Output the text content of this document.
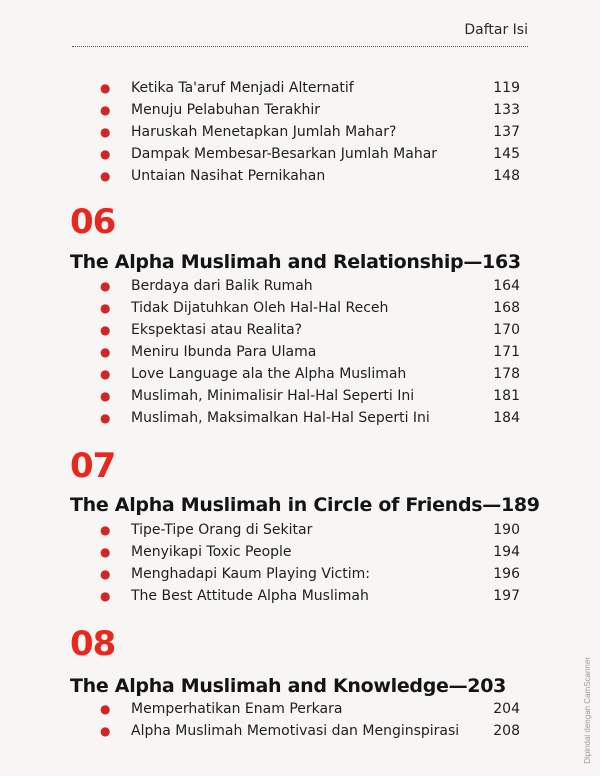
Daftar Isi
● Ketika Ta'aruf Menjadi Alternatif	119
● Menuju Pelabuhan Terakhir	133
● Haruskah Menetapkan Jumlah Mahar?	137
● Dampak Membesar-Besarkan Jumlah Mahar	145
● Untaian Nasihat Pernikahan	148
06
The Alpha Muslimah and Relationship—163
● Berdaya dari Balik Rumah	164
● Tidak Dijatuhkan Oleh Hal-Hal Receh	168
● Ekspektasi atau Realita?	170
● Meniru Ibunda Para Ulama	171
● Love Language ala the Alpha Muslimah	178
● Muslimah, Minimalisir Hal-Hal Seperti Ini	181
● Muslimah, Maksimalkan Hal-Hal Seperti Ini	184
07
The Alpha Muslimah in Circle of Friends—189
● Tipe-Tipe Orang di Sekitar	190
● Menyikapi Toxic People	194
● Menghadapi Kaum Playing Victim:	196
● The Best Attitude Alpha Muslimah	197
08
The Alpha Muslimah and Knowledge—203
● Memperhatikan Enam Perkara	204
● Alpha Muslimah Memotivasi dan Menginspirasi 208	Dipindai dengan CamScanner
